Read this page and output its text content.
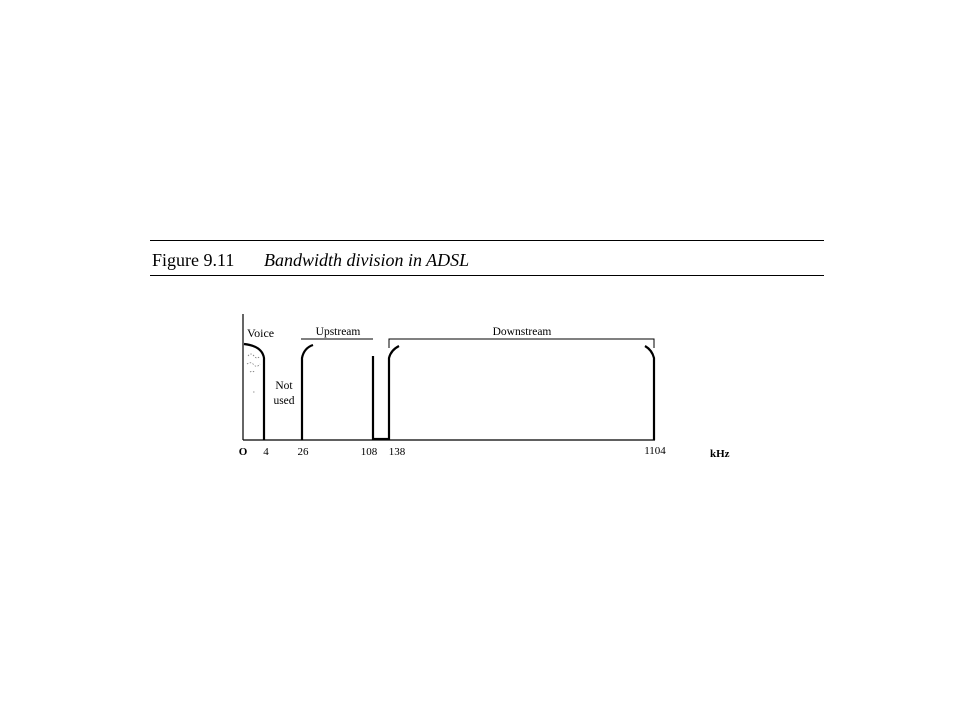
Figure 9.11 Bandwidth division in ADSL
Voice
Not
used
Upstream	Downstream
O 4	26	108 138	1104	kHz
